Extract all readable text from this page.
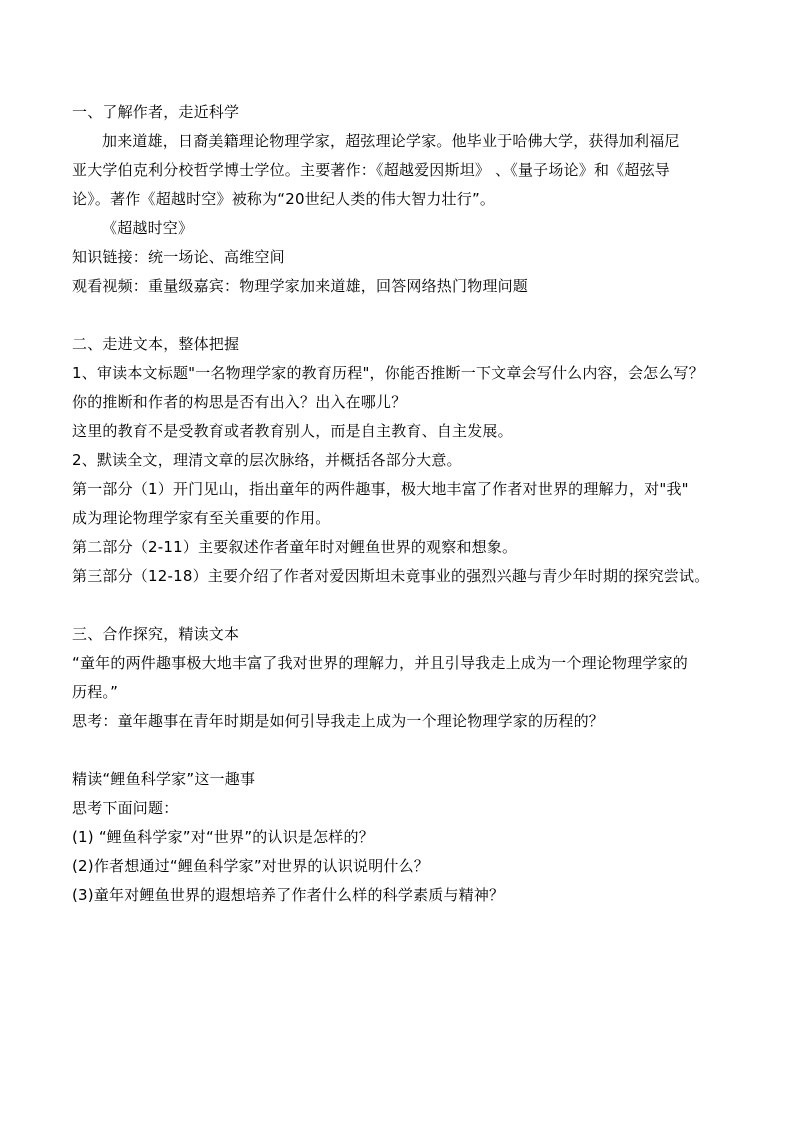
一、了解作者，走近科学
加来道雄，日裔美籍理论物理学家，超弦理论学家。他毕业于哈佛大学，获得加利福尼
亚大学伯克利分校哲学博士学位。主要著作：《超越爱因斯坦》 、《量子场论》和《超弦导
论》。著作《超越时空》被称为“20世纪人类的伟大智力壮行”。
《超越时空》
知识链接：统一场论、高维空间
观看视频：重量级嘉宾：物理学家加来道雄，回答网络热门物理问题
二、走进文本，整体把握
1、审读本文标题"一名物理学家的教育历程"，你能否推断一下文章会写什么内容，会怎么写？
你的推断和作者的构思是否有出入？出入在哪儿？
这里的教育不是受教育或者教育别人，而是自主教育、自主发展。
2、默读全文，理清文章的层次脉络，并概括各部分大意。
第一部分（1）开门见山，指出童年的两件趣事，极大地丰富了作者对世界的理解力，对"我"
成为理论物理学家有至关重要的作用。
第二部分（2-11）主要叙述作者童年时对鲤鱼世界的观察和想象。
第三部分（12-18）主要介绍了作者对爱因斯坦未竟事业的强烈兴趣与青少年时期的探究尝试。
三、合作探究，精读文本
“童年的两件趣事极大地丰富了我对世界的理解力，并且引导我走上成为一个理论物理学家的
历程。”
思考：童年趣事在青年时期是如何引导我走上成为一个理论物理学家的历程的？
精读“鲤鱼科学家”这一趣事
思考下面问题：
(1) “鲤鱼科学家”对“世界”的认识是怎样的？
(2)作者想通过“鲤鱼科学家”对世界的认识说明什么？
(3)童年对鲤鱼世界的遐想培养了作者什么样的科学素质与精神？
